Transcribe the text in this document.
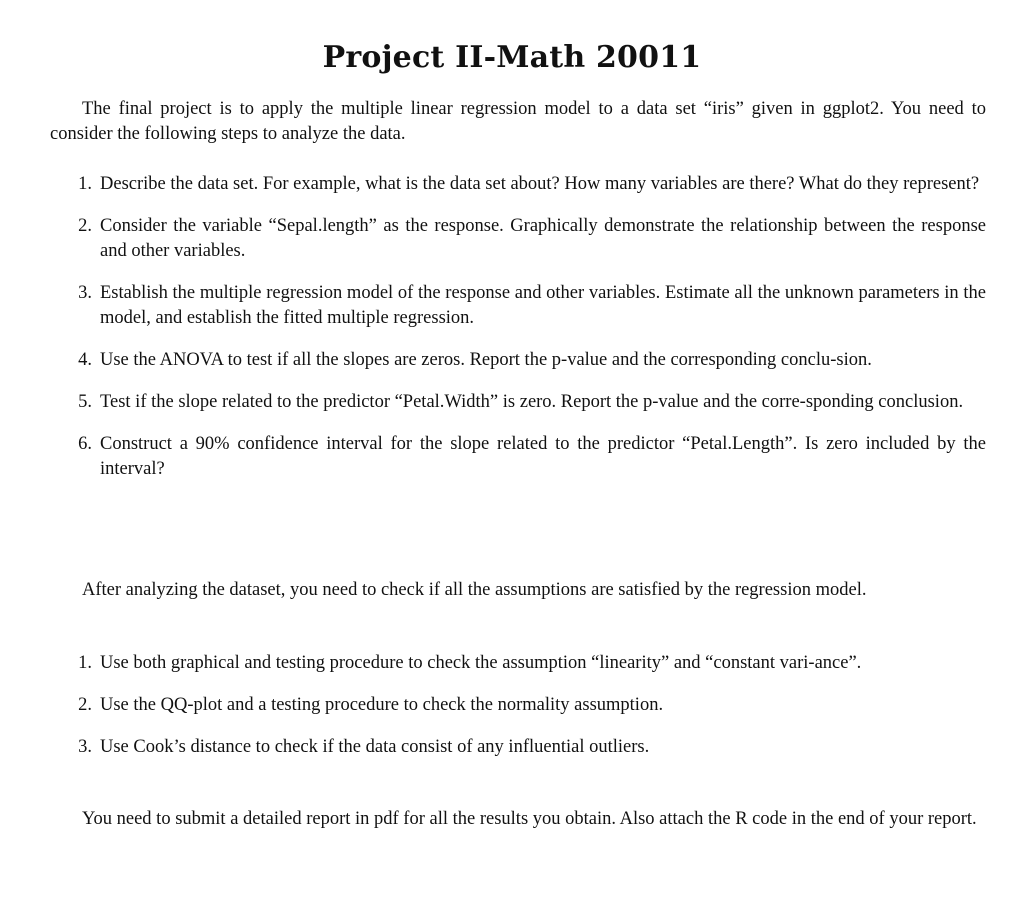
Project II-Math 20011

The final project is to apply the multiple linear regression model to a data set “iris” given in ggplot2. You need to consider the following steps to analyze the data.

1. Describe the data set. For example, what is the data set about? How many variables are there? What do they represent?
2. Consider the variable “Sepal.length” as the response. Graphically demonstrate the relationship between the response and other variables.
3. Establish the multiple regression model of the response and other variables. Estimate all the unknown parameters in the model, and establish the fitted multiple regression.
4. Use the ANOVA to test if all the slopes are zeros. Report the p-value and the corresponding conclu-sion.
5. Test if the slope related to the predictor “Petal.Width” is zero. Report the p-value and the corre-sponding conclusion.
6. Construct a 90% confidence interval for the slope related to the predictor “Petal.Length”. Is zero included by the interval?

After analyzing the dataset, you need to check if all the assumptions are satisfied by the regression model.

1. Use both graphical and testing procedure to check the assumption “linearity” and “constant vari-ance”.
2. Use the QQ-plot and a testing procedure to check the normality assumption.
3. Use Cook’s distance to check if the data consist of any influential outliers.

You need to submit a detailed report in pdf for all the results you obtain. Also attach the R code in the end of your report.
